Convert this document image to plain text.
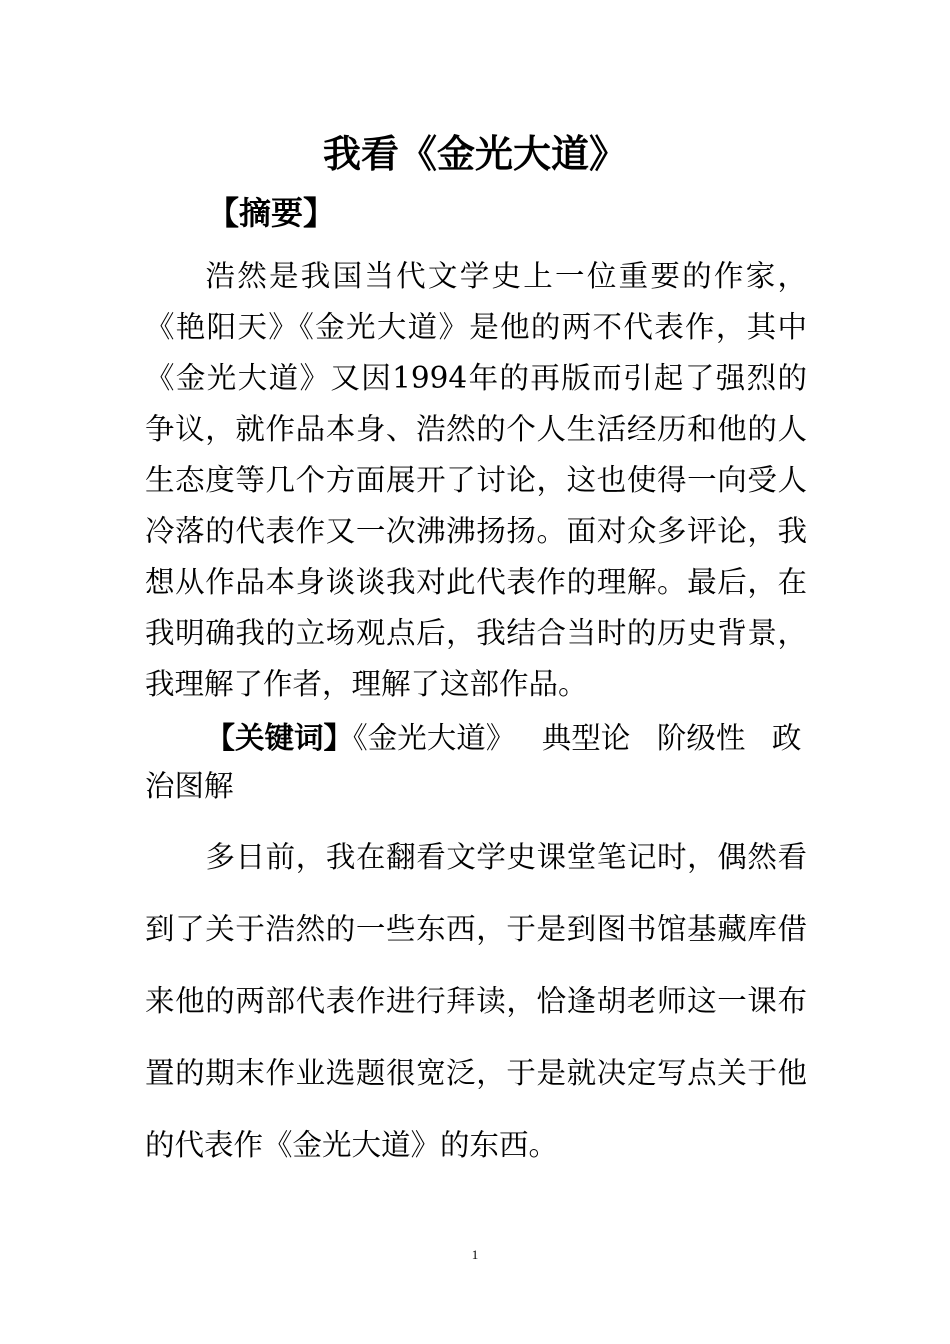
我看《金光大道》
【摘要】

浩然是我国当代文学史上一位重要的作家，《艳阳天》《金光大道》是他的两不代表作，其中《金光大道》又因1994年的再版而引起了强烈的争议，就作品本身、浩然的个人生活经历和他的人生态度等几个方面展开了讨论，这也使得一向受人冷落的代表作又一次沸沸扬扬。面对众多评论，我想从作品本身谈谈我对此代表作的理解。最后，在我明确我的立场观点后，我结合当时的历史背景，我理解了作者，理解了这部作品。

【关键词】《金光大道》 典型论 阶级性 政治图解

多日前，我在翻看文学史课堂笔记时，偶然看到了关于浩然的一些东西，于是到图书馆基藏库借来他的两部代表作进行拜读，恰逢胡老师这一课布置的期末作业选题很宽泛，于是就决定写点关于他的代表作《金光大道》的东西。

1
